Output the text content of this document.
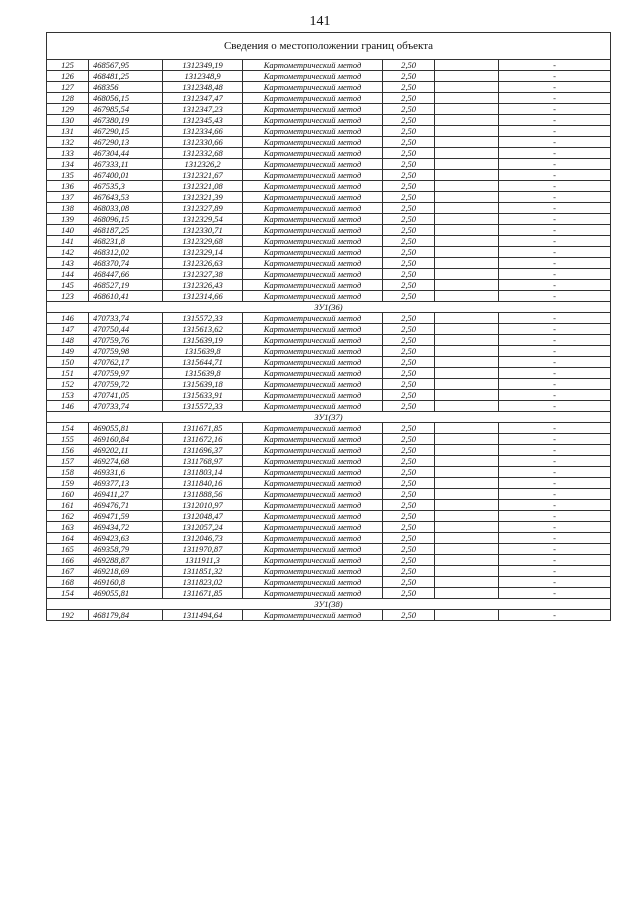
141
Сведения о местоположении границ объекта						
125	468567,95	1312349,19	Картометрический метод	2,50		-
126	468481,25	1312348,9	Картометрический метод	2,50		-
127	468356	1312348,48	Картометрический метод	2,50		-
128	468056,15	1312347,47	Картометрический метод	2,50		-
129	467985,54	1312347,23	Картометрический метод	2,50		-
130	467380,19	1312345,43	Картометрический метод	2,50		-
131	467290,15	1312334,66	Картометрический метод	2,50		-
132	467290,13	1312330,66	Картометрический метод	2,50		-
133	467304,44	1312332,68	Картометрический метод	2,50		-
134	467333,11	1312326,2	Картометрический метод	2,50		-
135	467400,01	1312321,67	Картометрический метод	2,50		-
136	467535,3	1312321,08	Картометрический метод	2,50		-
137	467643,53	1312321,39	Картометрический метод	2,50		-
138	468033,08	1312327,89	Картометрический метод	2,50		-
139	468096,15	1312329,54	Картометрический метод	2,50		-
140	468187,25	1312330,71	Картометрический метод	2,50		-
141	468231,8	1312329,68	Картометрический метод	2,50		-
142	468312,02	1312329,14	Картометрический метод	2,50		-
143	468370,74	1312326,63	Картометрический метод	2,50		-
144	468447,66	1312327,38	Картометрический метод	2,50		-
145	468527,19	1312326,43	Картометрический метод	2,50		-
123	468610,41	1312314,66	Картометрический метод	2,50		-
ЗУ1(36)						
146	470733,74	1315572,33	Картометрический метод	2,50		-
147	470750,44	1315613,62	Картометрический метод	2,50		-
148	470759,76	1315639,19	Картометрический метод	2,50		-
149	470759,98	1315639,8	Картометрический метод	2,50		-
150	470762,17	1315644,71	Картометрический метод	2,50		-
151	470759,97	1315639,8	Картометрический метод	2,50		-
152	470759,72	1315639,18	Картометрический метод	2,50		-
153	470741,05	1315633,91	Картометрический метод	2,50		-
146	470733,74	1315572,33	Картометрический метод	2,50		-
ЗУ1(37)						
154	469055,81	1311671,85	Картометрический метод	2,50		-
155	469160,84	1311672,16	Картометрический метод	2,50		-
156	469202,11	1311696,37	Картометрический метод	2,50		-
157	469274,68	1311768,97	Картометрический метод	2,50		-
158	469331,6	1311803,14	Картометрический метод	2,50		-
159	469377,13	1311840,16	Картометрический метод	2,50		-
160	469411,27	1311888,56	Картометрический метод	2,50		-
161	469476,71	1312010,97	Картометрический метод	2,50		-
162	469471,59	1312048,47	Картометрический метод	2,50		-
163	469434,72	1312057,24	Картометрический метод	2,50		-
164	469423,63	1312046,73	Картометрический метод	2,50		-
165	469358,79	1311970,87	Картометрический метод	2,50		-
166	469288,87	1311911,3	Картометрический метод	2,50		-
167	469218,69	1311851,32	Картометрический метод	2,50		-
168	469160,8	1311823,02	Картометрический метод	2,50		-
154	469055,81	1311671,85	Картометрический метод	2,50		-
ЗУ1(38)						
192	468179,84	1311494,64	Картометрический метод	2,50		-
